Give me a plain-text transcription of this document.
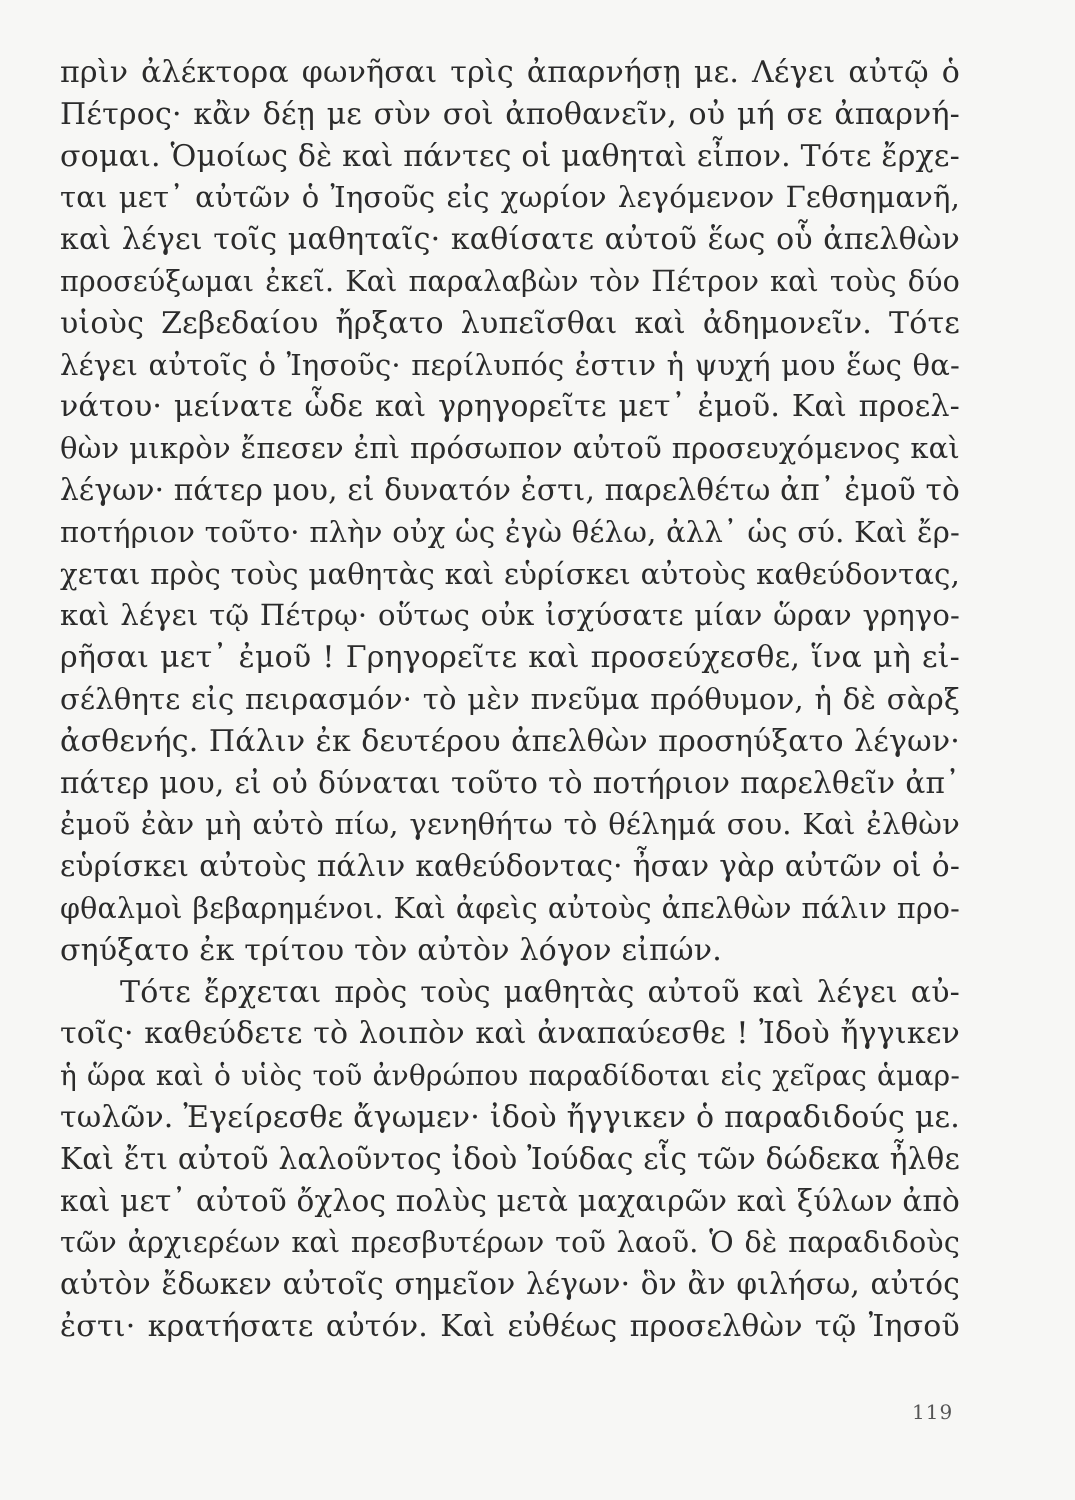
πρὶν ἀλέκτορα φωνῆσαι τρὶς ἀπαρνήσῃ με. Λέγει αὐτῷ ὁ
Πέτρος· κἂν δέῃ με σὺν σοὶ ἀποθανεῖν, οὐ μή σε ἀπαρνή-
σομαι. Ὁμοίως δὲ καὶ πάντες οἱ μαθηταὶ εἶπον. Τότε ἔρχε-
ται μετ᾽ αὐτῶν ὁ Ἰησοῦς εἰς χωρίον λεγόμενον Γεθσημανῆ,
καὶ λέγει τοῖς μαθηταῖς· καθίσατε αὐτοῦ ἕως οὗ ἀπελθὼν
προσεύξωμαι ἐκεῖ. Καὶ παραλαβὼν τὸν Πέτρον καὶ τοὺς δύο
υἱοὺς Ζεβεδαίου ἤρξατο λυπεῖσθαι καὶ ἀδημονεῖν. Τότε
λέγει αὐτοῖς ὁ Ἰησοῦς· περίλυπός ἐστιν ἡ ψυχή μου ἕως θα-
νάτου· μείνατε ὧδε καὶ γρηγορεῖτε μετ᾽ ἐμοῦ. Καὶ προελ-
θὼν μικρὸν ἔπεσεν ἐπὶ πρόσωπον αὐτοῦ προσευχόμενος καὶ
λέγων· πάτερ μου, εἰ δυνατόν ἐστι, παρελθέτω ἀπ᾽ ἐμοῦ τὸ
ποτήριον τοῦτο· πλὴν οὐχ ὡς ἐγὼ θέλω, ἀλλ᾽ ὡς σύ. Καὶ ἔρ-
χεται πρὸς τοὺς μαθητὰς καὶ εὑρίσκει αὐτοὺς καθεύδοντας,
καὶ λέγει τῷ Πέτρῳ· οὕτως οὐκ ἰσχύσατε μίαν ὥραν γρηγο-
ρῆσαι μετ᾽ ἐμοῦ ! Γρηγορεῖτε καὶ προσεύχεσθε, ἵνα μὴ εἰ-
σέλθητε εἰς πειρασμόν· τὸ μὲν πνεῦμα πρόθυμον, ἡ δὲ σὰρξ
ἀσθενής. Πάλιν ἐκ δευτέρου ἀπελθὼν προσηύξατο λέγων·
πάτερ μου, εἰ οὐ δύναται τοῦτο τὸ ποτήριον παρελθεῖν ἀπ᾽
ἐμοῦ ἐὰν μὴ αὐτὸ πίω, γενηθήτω τὸ θέλημά σου. Καὶ ἐλθὼν
εὑρίσκει αὐτοὺς πάλιν καθεύδοντας· ἦσαν γὰρ αὐτῶν οἱ ὀ-
φθαλμοὶ βεβαρημένοι. Καὶ ἀφεὶς αὐτοὺς ἀπελθὼν πάλιν προ-
σηύξατο ἐκ τρίτου τὸν αὐτὸν λόγον εἰπών.
Τότε ἔρχεται πρὸς τοὺς μαθητὰς αὐτοῦ καὶ λέγει αὐ-
τοῖς· καθεύδετε τὸ λοιπὸν καὶ ἀναπαύεσθε ! Ἰδοὺ ἤγγικεν
ἡ ὥρα καὶ ὁ υἱὸς τοῦ ἀνθρώπου παραδίδοται εἰς χεῖρας ἁμαρ-
τωλῶν. Ἐγείρεσθε ἄγωμεν· ἰδοὺ ἤγγικεν ὁ παραδιδούς με.
Καὶ ἔτι αὐτοῦ λαλοῦντος ἰδοὺ Ἰούδας εἷς τῶν δώδεκα ἦλθε
καὶ μετ᾽ αὐτοῦ ὄχλος πολὺς μετὰ μαχαιρῶν καὶ ξύλων ἀπὸ
τῶν ἀρχιερέων καὶ πρεσβυτέρων τοῦ λαοῦ. Ὁ δὲ παραδιδοὺς
αὐτὸν ἔδωκεν αὐτοῖς σημεῖον λέγων· ὃν ἂν φιλήσω, αὐτός
ἐστι· κρατήσατε αὐτόν. Καὶ εὐθέως προσελθὼν τῷ Ἰησοῦ
119
